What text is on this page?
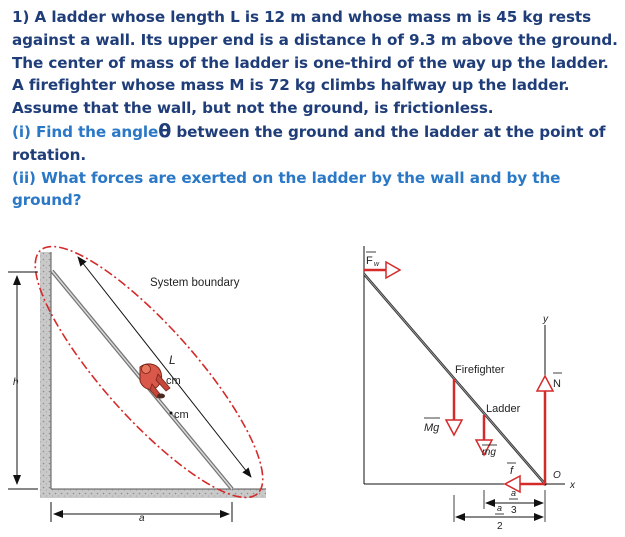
1) A ladder whose length L is 12 m and whose mass m is 45 kg rests against a wall. Its upper end is a distance h of 9.3 m above the ground.

The center of mass of the ladder is one-third of the way up the ladder. A firefighter whose mass M is 72 kg climbs halfway up the ladder. Assume that the wall, but not the ground, is frictionless.

(i) Find the angleθ between the ground and the ladder at the point of rotation.

(ii) What forces are exerted on the ladder by the wall and by the ground?

L
cm
cm
System boundary
h
a
y
x
O
F w
Firefighter
Mg
Ladder
mg
N
f
a
3
a
2
